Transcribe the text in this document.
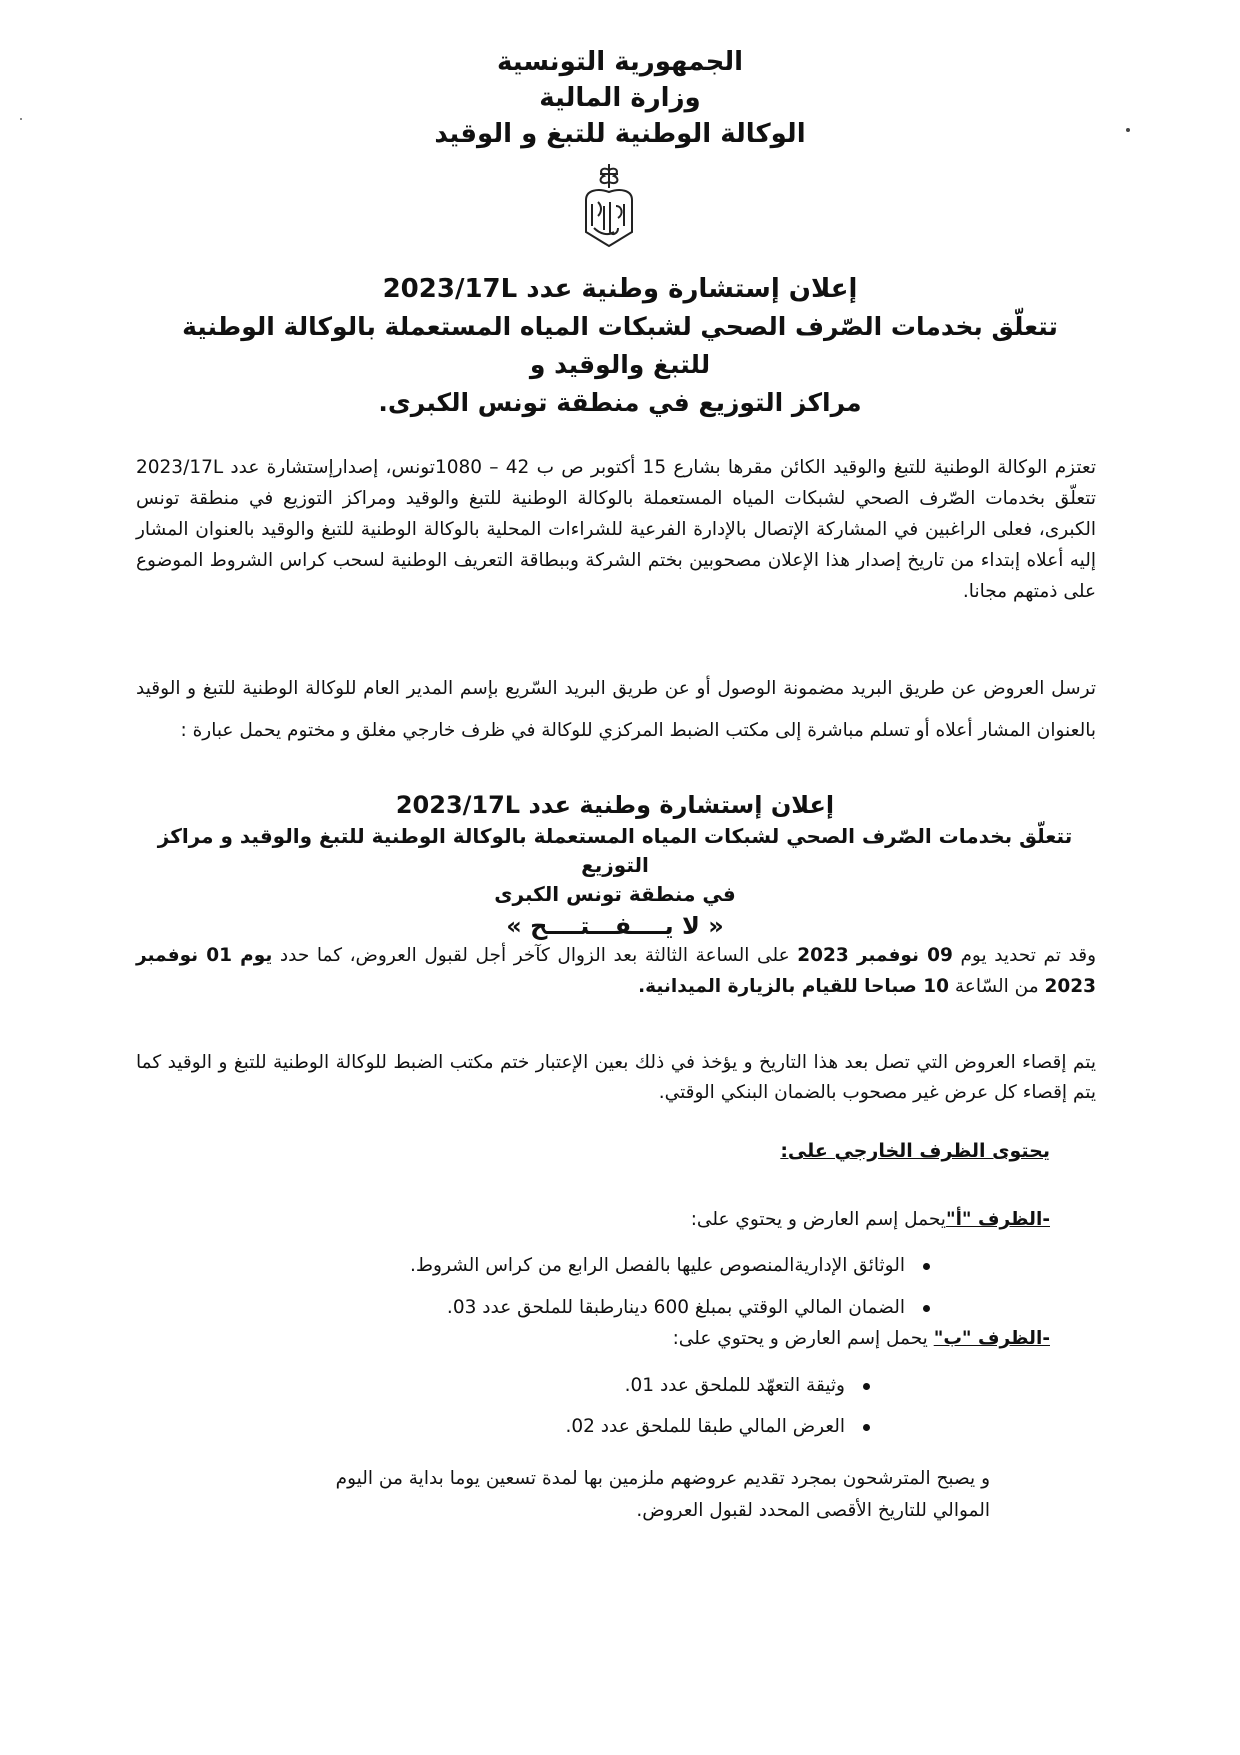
الجمهورية التونسية
وزارة المالية
الوكالة الوطنية للتبغ و الوقيد
إعلان إستشارة وطنية عدد 2023/17L
تتعلّق بخدمات الصّرف الصحي لشبكات المياه المستعملة بالوكالة الوطنية للتبغ والوقيد و
مراكز التوزيع في منطقة تونس الكبرى.
تعتزم الوكالة الوطنية للتبغ والوقيد الكائن مقرها بشارع 15 أكتوبر ص ب 42 – 1080تونس، إصدارإستشارة عدد 2023/17L تتعلّق بخدمات الصّرف الصحي لشبكات المياه المستعملة بالوكالة الوطنية للتبغ والوقيد ومراكز التوزيع في منطقة تونس الكبرى، فعلى الراغبين في المشاركة الإتصال بالإدارة الفرعية للشراءات المحلية بالوكالة الوطنية للتبغ والوقيد بالعنوان المشار إليه أعلاه إبتداء من تاريخ إصدار هذا الإعلان مصحوبين بختم الشركة وببطاقة التعريف الوطنية لسحب كراس الشروط الموضوع على ذمتهم مجانا.
ترسل العروض عن طريق البريد مضمونة الوصول أو عن طريق البريد السّريع بإسم المدير العام للوكالة الوطنية للتبغ و الوقيد بالعنوان المشار أعلاه أو تسلم مباشرة إلى مكتب الضبط المركزي للوكالة في ظرف خارجي مغلق و مختوم يحمل عبارة :
إعلان إستشارة وطنية عدد 2023/17L
تتعلّق بخدمات الصّرف الصحي لشبكات المياه المستعملة بالوكالة الوطنية للتبغ والوقيد و مراكز التوزيع
في منطقة تونس الكبرى
« لا يــــفـــتــــح »
وقد تم تحديد يوم 09 نوفمبر 2023 على الساعة الثالثة بعد الزوال كآخر أجل لقبول العروض، كما حدد يوم 01 نوفمبر 2023 من السّاعة 10 صباحا للقيام بالزيارة الميدانية.
يتم إقصاء العروض التي تصل بعد هذا التاريخ و يؤخذ في ذلك بعين الإعتبار ختم مكتب الضبط للوكالة الوطنية للتبغ و الوقيد كما يتم إقصاء كل عرض غير مصحوب بالضمان البنكي الوقتي.
يحتوى الظرف الخارجي على:
-الظرف "أ"يحمل إسم العارض و يحتوي على:
الوثائق الإداريةالمنصوص عليها بالفصل الرابع من كراس الشروط.
الضمان المالي الوقتي بمبلغ 600 دينارطبقا للملحق عدد 03.
-الظرف "ب" يحمل إسم العارض و يحتوي على:
وثيقة التعهّد للملحق عدد 01.
العرض المالي طبقا للملحق عدد 02.
و يصبح المترشحون بمجرد تقديم عروضهم ملزمين بها لمدة تسعين يوما بداية من اليوم
الموالي للتاريخ الأقصى المحدد لقبول العروض.
